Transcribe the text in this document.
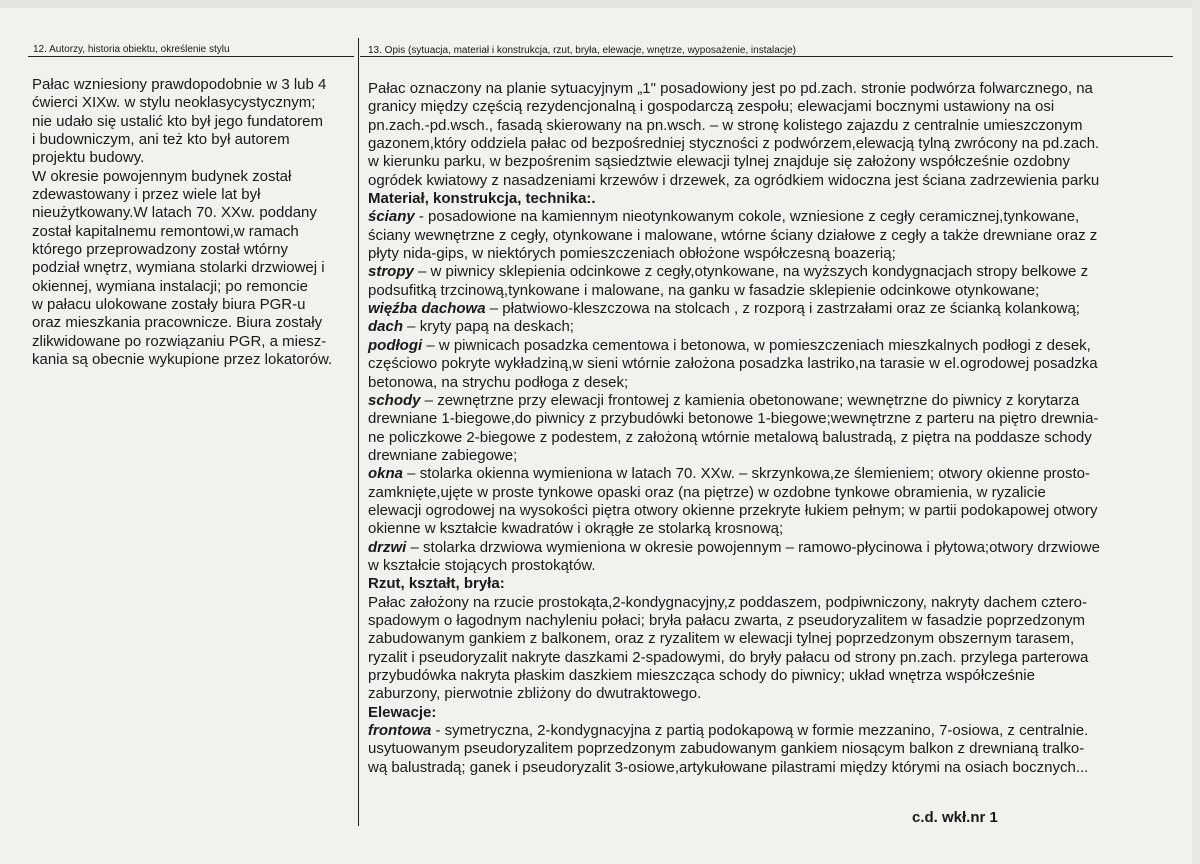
12. Autorzy, historia obiektu, określenie stylu	13. Opis (sytuacja, materiał i konstrukcja, rzut, bryła, elewacje, wnętrze, wyposażenie, instalacje)
Pałac wzniesiony prawdopodobnie w 3 lub 4
ćwierci XIXw. w stylu neoklasycystycznym;
nie udało się ustalić kto był jego fundatorem
i budowniczym, ani też kto był autorem
projektu budowy.
W okresie powojennym budynek został
zdewastowany i przez wiele lat był
nieużytkowany.W latach 70. XXw. poddany
został kapitalnemu remontowi,w ramach
którego przeprowadzony został wtórny
podział wnętrz, wymiana stolarki drzwiowej i
okiennej, wymiana instalacji; po remoncie
w pałacu ulokowane zostały biura PGR-u
oraz mieszkania pracownicze. Biura zostały
zlikwidowane po rozwiązaniu PGR, a miesz-
kania są obecnie wykupione przez lokatorów.
Pałac oznaczony na planie sytuacyjnym „1" posadowiony jest po pd.zach. stronie podwórza folwarcznego, na
granicy między częścią rezydencjonalną i gospodarczą zespołu; elewacjami bocznymi ustawiony na osi
pn.zach.-pd.wsch., fasadą skierowany na pn.wsch. – w stronę kolistego zajazdu z centralnie umieszczonym
gazonem,który oddziela pałac od bezpośredniej styczności z podwórzem,elewacją tylną zwrócony na pd.zach.
w kierunku parku, w bezpośrenim sąsiedztwie elewacji tylnej znajduje się założony współcześnie ozdobny
ogródek kwiatowy z nasadzeniami krzewów i drzewek, za ogródkiem widoczna jest ściana zadrzewienia parku
Materiał, konstrukcja, technika:.
ściany - posadowione na kamiennym nieotynkowanym cokole, wzniesione z cegły ceramicznej,tynkowane,
ściany wewnętrzne z cegły, otynkowane i malowane, wtórne ściany działowe z cegły a także drewniane oraz z
płyty nida-gips, w niektórych pomieszczeniach obłożone współczesną boazerią;
stropy – w piwnicy sklepienia odcinkowe z cegły,otynkowane, na wyższych kondygnacjach stropy belkowe z
podsufitką trzcinową,tynkowane i malowane, na ganku w fasadzie sklepienie odcinkowe otynkowane;
więźba dachowa – płatwiowo-kleszczowa na stolcach , z rozporą i zastrzałami oraz ze ścianką kolankową;
dach – kryty papą na deskach;
podłogi – w piwnicach posadzka cementowa i betonowa, w pomieszczeniach mieszkalnych podłogi z desek,
częściowo pokryte wykładziną,w sieni wtórnie założona posadzka lastriko,na tarasie w el.ogrodowej posadzka
betonowa, na strychu podłoga z desek;
schody – zewnętrzne przy elewacji frontowej z kamienia obetonowane; wewnętrzne do piwnicy z korytarza
drewniane 1-biegowe,do piwnicy z przybudówki betonowe 1-biegowe;wewnętrzne z parteru na piętro drewnia-
ne policzkowe 2-biegowe z podestem, z założoną wtórnie metalową balustradą, z piętra na poddasze schody
drewniane zabiegowe;
okna – stolarka okienna wymieniona w latach 70. XXw. – skrzynkowa,ze ślemieniem; otwory okienne prosto-
zamknięte,ujęte w proste tynkowe opaski oraz (na piętrze) w ozdobne tynkowe obramienia, w ryzalicie
elewacji ogrodowej na wysokości piętra otwory okienne przekryte łukiem pełnym; w partii podokapowej otwory
okienne w kształcie kwadratów i okrągłe ze stolarką krosnową;
drzwi – stolarka drzwiowa wymieniona w okresie powojennym – ramowo-płycinowa i płytowa;otwory drzwiowe
w kształcie stojących prostokątów.
Rzut, kształt, bryła:
Pałac założony na rzucie prostokąta,2-kondygnacyjny,z poddaszem, podpiwniczony, nakryty dachem cztero-
spadowym o łagodnym nachyleniu połaci; bryła pałacu zwarta, z pseudoryzalitem w fasadzie poprzedzonym
zabudowanym gankiem z balkonem, oraz z ryzalitem w elewacji tylnej poprzedzonym obszernym tarasem,
ryzalit i pseudoryzalit nakryte daszkami 2-spadowymi, do bryły pałacu od strony pn.zach. przylega parterowa
przybudówka nakryta płaskim daszkiem mieszcząca schody do piwnicy; układ wnętrza współcześnie
zaburzony, pierwotnie zbliżony do dwutraktowego.
Elewacje:
frontowa - symetryczna, 2-kondygnacyjna z partią podokapową w formie mezzanino, 7-osiowa, z centralnie.
usytuowanym pseudoryzalitem poprzedzonym zabudowanym gankiem niosącym balkon z drewnianą tralko-
wą balustradą; ganek i pseudoryzalit 3-osiowe,artykułowane pilastrami między którymi na osiach bocznych...
c.d. wkł.nr 1
